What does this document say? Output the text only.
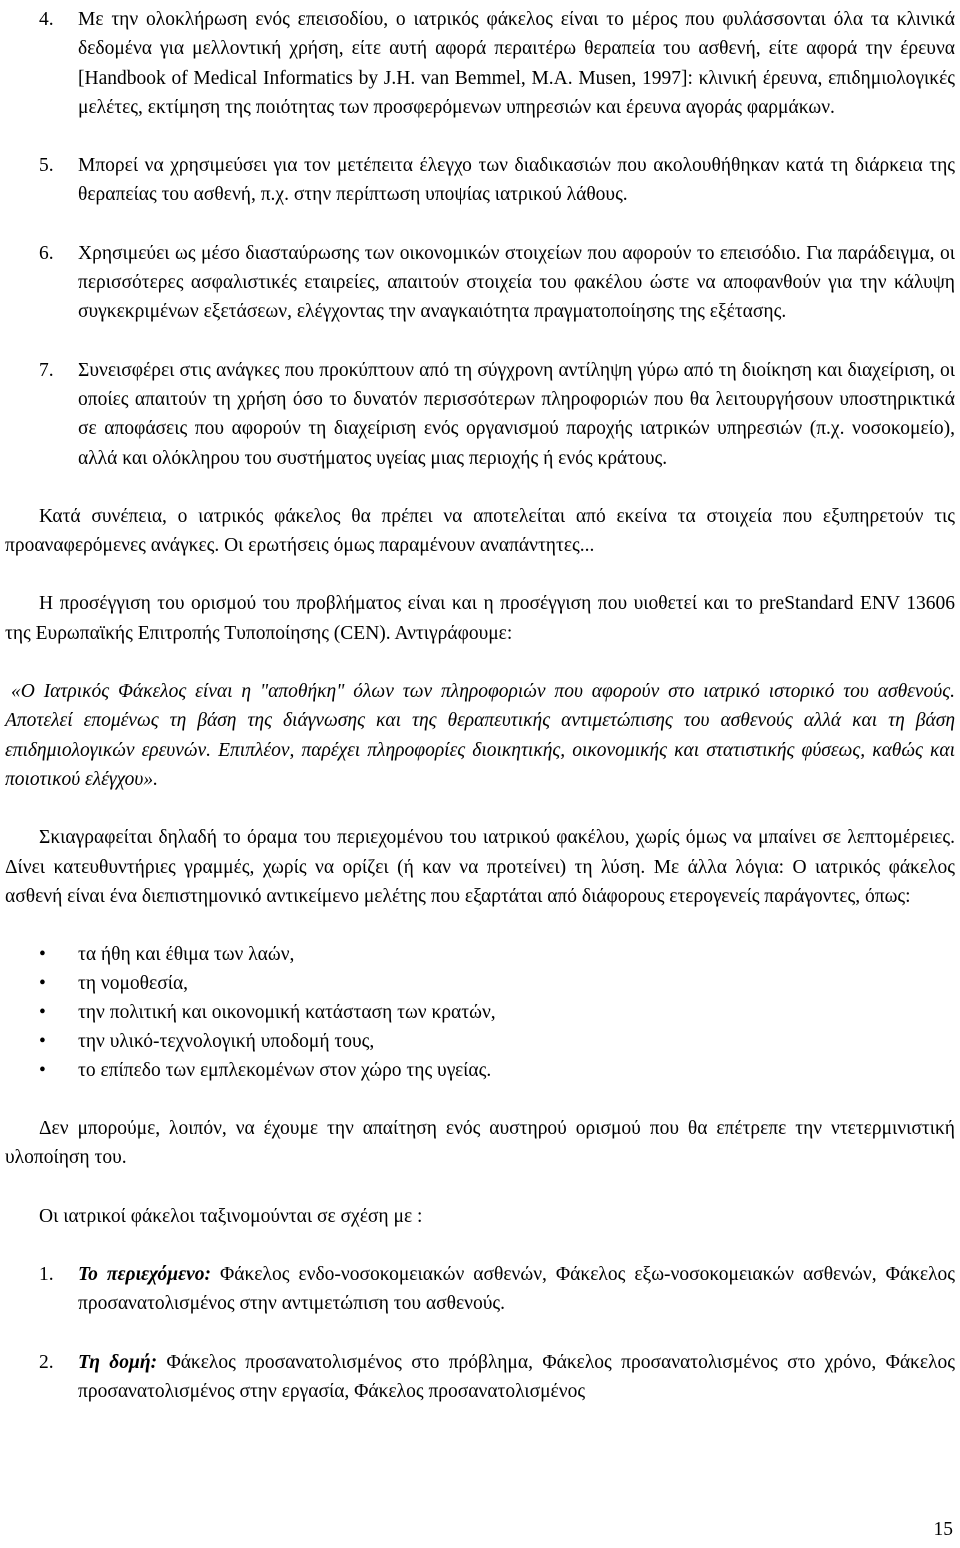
4.	Με την ολοκλήρωση ενός επεισοδίου, ο ιατρικός φάκελος είναι το μέρος που φυλάσσονται όλα τα κλινικά δεδομένα για μελλοντική χρήση, είτε αυτή αφορά περαιτέρω θεραπεία του ασθενή, είτε αφορά την έρευνα [Handbook of Medical Informatics by J.H. van Bemmel, M.A. Musen, 1997]: κλινική έρευνα, επιδημιολογικές μελέτες, εκτίμηση της ποιότητας των προσφερόμενων υπηρεσιών και έρευνα αγοράς φαρμάκων.

5.	Μπορεί να χρησιμεύσει για τον μετέπειτα έλεγχο των διαδικασιών που ακολουθήθηκαν κατά τη διάρκεια της θεραπείας του ασθενή, π.χ. στην περίπτωση υποψίας ιατρικού λάθους.

6.	Χρησιμεύει ως μέσο διασταύρωσης των οικονομικών στοιχείων που αφορούν το επεισόδιο. Για παράδειγμα, οι περισσότερες ασφαλιστικές εταιρείες, απαιτούν στοιχεία του φακέλου ώστε να αποφανθούν για την κάλυψη συγκεκριμένων εξετάσεων, ελέγχοντας την αναγκαιότητα πραγματοποίησης της εξέτασης.

7.	Συνεισφέρει στις ανάγκες που προκύπτουν από τη σύγχρονη αντίληψη γύρω από τη διοίκηση και διαχείριση, οι οποίες απαιτούν τη χρήση όσο το δυνατόν περισσότερων πληροφοριών που θα λειτουργήσουν υποστηρικτικά σε αποφάσεις που αφορούν τη διαχείριση ενός οργανισμού παροχής ιατρικών υπηρεσιών (π.χ. νοσοκομείο), αλλά και ολόκληρου του συστήματος υγείας μιας περιοχής ή ενός κράτους.

Κατά συνέπεια, ο ιατρικός φάκελος θα πρέπει να αποτελείται από εκείνα τα στοιχεία που εξυπηρετούν τις προαναφερόμενες ανάγκες. Οι ερωτήσεις όμως παραμένουν αναπάντητες...

Η προσέγγιση του ορισμού του προβλήματος είναι και η προσέγγιση που υιοθετεί και το preStandard ENV 13606 της Ευρωπαϊκής Επιτροπής Τυποποίησης (CEN). Αντιγράφουμε:

«Ο Ιατρικός Φάκελος είναι η "αποθήκη" όλων των πληροφοριών που αφορούν στο ιατρικό ιστορικό του ασθενούς. Αποτελεί επομένως τη βάση της διάγνωσης και της θεραπευτικής αντιμετώπισης του ασθενούς αλλά και τη βάση επιδημιολογικών ερευνών. Επιπλέον, παρέχει πληροφορίες διοικητικής, οικονομικής και στατιστικής φύσεως, καθώς και ποιοτικού ελέγχου».

Σκιαγραφείται δηλαδή το όραμα του περιεχομένου του ιατρικού φακέλου, χωρίς όμως να μπαίνει σε λεπτομέρειες. Δίνει κατευθυντήριες γραμμές, χωρίς να ορίζει (ή καν να προτείνει) τη λύση. Με άλλα λόγια: Ο ιατρικός φάκελος ασθενή είναι ένα διεπιστημονικό αντικείμενο μελέτης που εξαρτάται από διάφορους ετερογενείς παράγοντες, όπως:

•	τα ήθη και έθιμα των λαών,
•	τη νομοθεσία,
•	την πολιτική και οικονομική κατάσταση των κρατών,
•	την υλικό-τεχνολογική υποδομή τους,
•	το επίπεδο των εμπλεκομένων στον χώρο της υγείας.

Δεν μπορούμε, λοιπόν, να έχουμε την απαίτηση ενός αυστηρού ορισμού που θα επέτρεπε την ντετερμινιστική υλοποίηση του.

Οι ιατρικοί φάκελοι ταξινομούνται σε σχέση με :

1.	Το περιεχόμενο: Φάκελος ενδο-νοσοκομειακών ασθενών, Φάκελος εξω-νοσοκομειακών ασθενών, Φάκελος προσανατολισμένος στην αντιμετώπιση του ασθενούς.

2.	Τη δομή: Φάκελος προσανατολισμένος στο πρόβλημα, Φάκελος προσανατολισμένος στο χρόνο, Φάκελος προσανατολισμένος στην εργασία, Φάκελος προσανατολισμένος

15
